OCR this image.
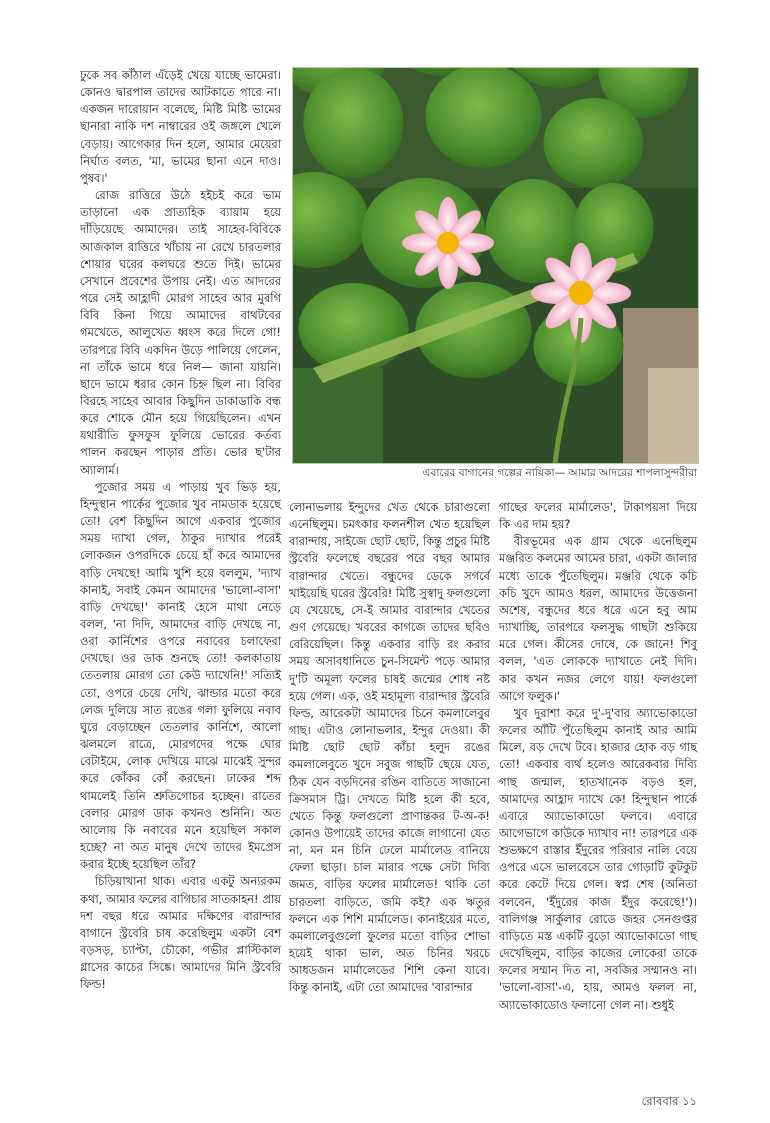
ঢুকে সব কাঁঠাল এঁড়েই খেয়ে যাচ্ছে ভামেরা। কোনও দ্বারপাল তাদের আটকাতে পারে না। একজন দারোয়ান বলেছে, মিষ্টি মিষ্টি ভামের ছানারা নাকি দশ নাম্বারের ওই জঙ্গলে খেলে বেড়ায়। আগেকার দিন হলে, আমার মেয়েরা নির্ঘাত বলত, 'মা, ভামের ছানা এনে দাও। পুষব।'

রোজ রাত্তিরে উঠে হইচই করে ভাম তাড়ানো এক প্রাত্যহিক ব্যায়াম হয়ে দাঁড়িয়েছে আমাদের। তাই সাহেব-বিবিকে আজকাল রাত্তিরে খাঁচায় না রেখে চারতলার শোয়ার ঘরের কলঘরে শুতে দিই। ভামের সেখানে প্রবেশের উপায় নেই। এত আদরের পরে সেই আহ্লাদী মোরগ সাহেব আর মুরগি বিবি কিনা গিয়ে আমাদের বাথটবের গমখেতে, আলুখেত ধ্বংস করে দিলে গো! তারপরে বিবি একদিন উড়ে পালিয়ে গেলেন, না তাঁকে ভামে ধরে নিল— জানা যায়নি। ছাদে ভামে ধরার কোন চিহ্ন ছিল না। বিবির বিরহে সাহেব আবার কিছুদিন ডাকাডাকি বন্ধ করে শোকে মৌন হয়ে গিয়েছিলেন। এখন যথারীতি ফুসফুস ফুলিয়ে ভোরের কর্তব্য পালন করছেন পাড়ার প্রতি। ভোর ছ'টার অ্যালার্ম।

পুজোর সময় এ পাড়ায় খুব ভিড় হয়, হিন্দুস্থান পার্কের পুজোর খুব নামডাক হয়েছে তো! বেশ কিছুদিন আগে একবার পুজোর সময় দ্যাখা গেল, ঠাকুর দ্যাখার পরেই লোকজন ওপরদিকে চেয়ে হাঁ করে আমাদের বাড়ি দেখছে! আমি খুশি হয়ে বললুম, 'দ্যাখ কানাই, সবাই কেমন আমাদের 'ভালো-বাসা' বাড়ি দেখছে!' কানাই হেসে মাথা নেড়ে বলল, 'না দিদি, আমাদের বাড়ি দেখছে না, ওরা কার্নিশের ওপরে নবাবের চলাফেরা দেখছে। ওর ডাক শুনছে তো! কলকাতায় তেতলায় মোরগ তো কেউ দ্যাখেনি!' সত্যিই তো, ওপরে চেয়ে দেখি, ঝান্ডার মতো করে লেজ দুলিয়ে সাত রঙের গলা ফুলিয়ে নবাব ঘুরে বেড়াচ্ছেন তেতলার কার্নিশে, আলো ঝলমলে রাত্রে, মোরগদের পক্ষে ঘোর বেটাইমে, লোক দেখিয়ে মাঝে মাঝেই সুন্দর করে কোঁকর কোঁ করছেন। ঢাকের শব্দ থামলেই তিনি শ্রুতিগোচর হচ্ছেন। রাতের বেলার মোরগ ডাক কখনও শুনিনি। অত আলোয় কি নবাবের মনে হয়েছিল সকাল হচ্ছে? না অত মানুষ দেখে তাদের ইমপ্রেস করার ইচ্ছে হয়েছিল তাঁর?

চিড়িয়াখানা থাক। এবার একটু অন্যরকম কথা, আমার ফলের বাগিচার সাতকাহন! প্রায় দশ বছর ধরে আমার দক্ষিণের বারান্দার বাগানে স্ট্রবেরি চাষ করেছিলুম একটা বেশ বড়সড়, চ্যাপ্টা, চৌকো, গভীর প্লাস্টিকাল গ্লাসের কাচের সিঙ্কে। আমাদের মিনি স্ট্রবেরি ফিল্ড!

এবারের বাগানের গল্পের নায়িকা— আমার আদরের শাপলাসুন্দরীরা

লোনাভলায় ইন্দুদের খেত থেকে চারাগুলো এনেছিলুম। চমৎকার ফলনশীল খেত হয়েছিল বারান্দায়, সাইজে ছোট ছোট, কিন্তু প্রচুর মিষ্টি স্ট্রবেরি ফলেছে বছরের পরে বছর আমার বারান্দার খেতে। বন্ধুদের ডেকে সগর্বে খাইয়েছি ঘরের স্ট্রবেরি! মিষ্টি সুস্বাদু ফলগুলো যে খেয়েছে, সে-ই আমার বারান্দার খেতের গুণ গেয়েছে। খবরের কাগজে তাদের ছবিও বেরিয়েছিল। কিন্তু একবার বাড়ি রং করার সময় অসাবধানিতে চুন-সিমেন্ট পড়ে আমার দু'টি অমূল্য ফলের চাষই জন্মের শোধ নষ্ট হয়ে গেল। এক, ওই মহামূল্য বারান্দার স্ট্রবেরি ফিল্ড, আরেকটা আমাদের চিনে কমলালেবুর গাছ। এটাও লোনাভলার, ইন্দুর দেওয়া। কী মিষ্টি ছোট ছোট কাঁচা হলুদ রঙের কমলালেবুতে খুদে সবুজ গাছটি ছেয়ে যেত, ঠিক যেন বড়দিনের রঙিন বাতিতে সাজানো ক্রিসমাস ট্রি। দেখতে মিষ্টি হলে কী হবে, খেতে কিন্তু ফলগুলো প্রাণান্তকর ট-অ-ক! কোনও উপায়েই তাদের কাজে লাগানো যেত না, মন মন চিনি ঢেলে মার্মালেড বানিয়ে ফেলা ছাড়া। চাল মারার পক্ষে সেটা দিব্যি জমত, বাড়ির ফলের মার্মালেড! থাকি তো চারতলা বাড়িতে, জমি কই? এক ঋতুর ফলনে এক শিশি মার্মালেড। কানাইয়ের মতে, কমলালেবুগুলো ফুলের মতো বাড়ির শোভা হয়েই থাকা ভাল, অত চিনির খরচে আধডজন মার্মালেডের শিশি কেনা যাবে। কিন্তু কানাই, এটা তো আমাদের 'বারান্দার

গাছের ফলের মার্মালেড', টাকাপয়সা দিয়ে কি এর দাম হয়?

বীরভূমের এক গ্রাম থেকে এনেছিলুম মঞ্জরিত কলমের আমের চারা, একটা জালার মধ্যে তাকে পুঁতেছিলুম। মঞ্জরি থেকে কচি কচি খুদে আমও ধরল, আমাদের উত্তেজনা অশেষ, বন্ধুদের ধরে ধরে এনে হবু আম দ্যাখাচ্ছি, তারপরে ফলসুদ্ধ গাছটা শুকিয়ে মরে গেল। কীসের দোষে, কে জানে! শিবু বলল, 'এত লোককে দ্যাখাতে নেই দিদি। কার কখন নজর লেগে যায়! ফলগুলো আগে ফলুক।'

খুব দুরাশা করে দু'-দু'বার অ্যাভোকাডো ফলের আঁটি পুঁতেছিলুম কানাই আর আমি মিলে, বড় দেখে টবে। হাজার হোক বড় গাছ তো! একবার ব্যর্থ হলেও আরেকবার দিব্যি গাছ জন্মাল, হাতখানেক বড়ও হল, আমাদের আহ্লাদ দ্যাখে কে! হিন্দুস্থান পার্কে এবারে অ্যাভোকাডো ফলবে। এবারে আগেভাগে কাউকে দ্যাখাব না! তারপরে এক শুভক্ষণে রাস্তার ইঁদুরের পরিবার নালি বেয়ে ওপরে এসে ভালবেসে তার গোড়াটি কুটকুট করে কেটে দিয়ে গেল। স্বপ্ন শেষ (অনিতা বলবেন, 'ইঁদুরের কাজ ইঁদুর করেছে!')। বালিগঞ্জ সার্কুলার রোডে জহর সেনগুপ্তর বাড়িতে মস্ত একটি বুড়ো অ্যাভোকাডো গাছ দেখেছিলুম, বাড়ির কাজের লোকেরা তাকে ফলের সম্মান দিত না, সবজির সম্মানও না। 'ভালো-বাসা'-এ, হায়, আমও ফলল না, অ্যাভোকাডোও ফলানো গেল না। শুধুই

রোববার ১১
